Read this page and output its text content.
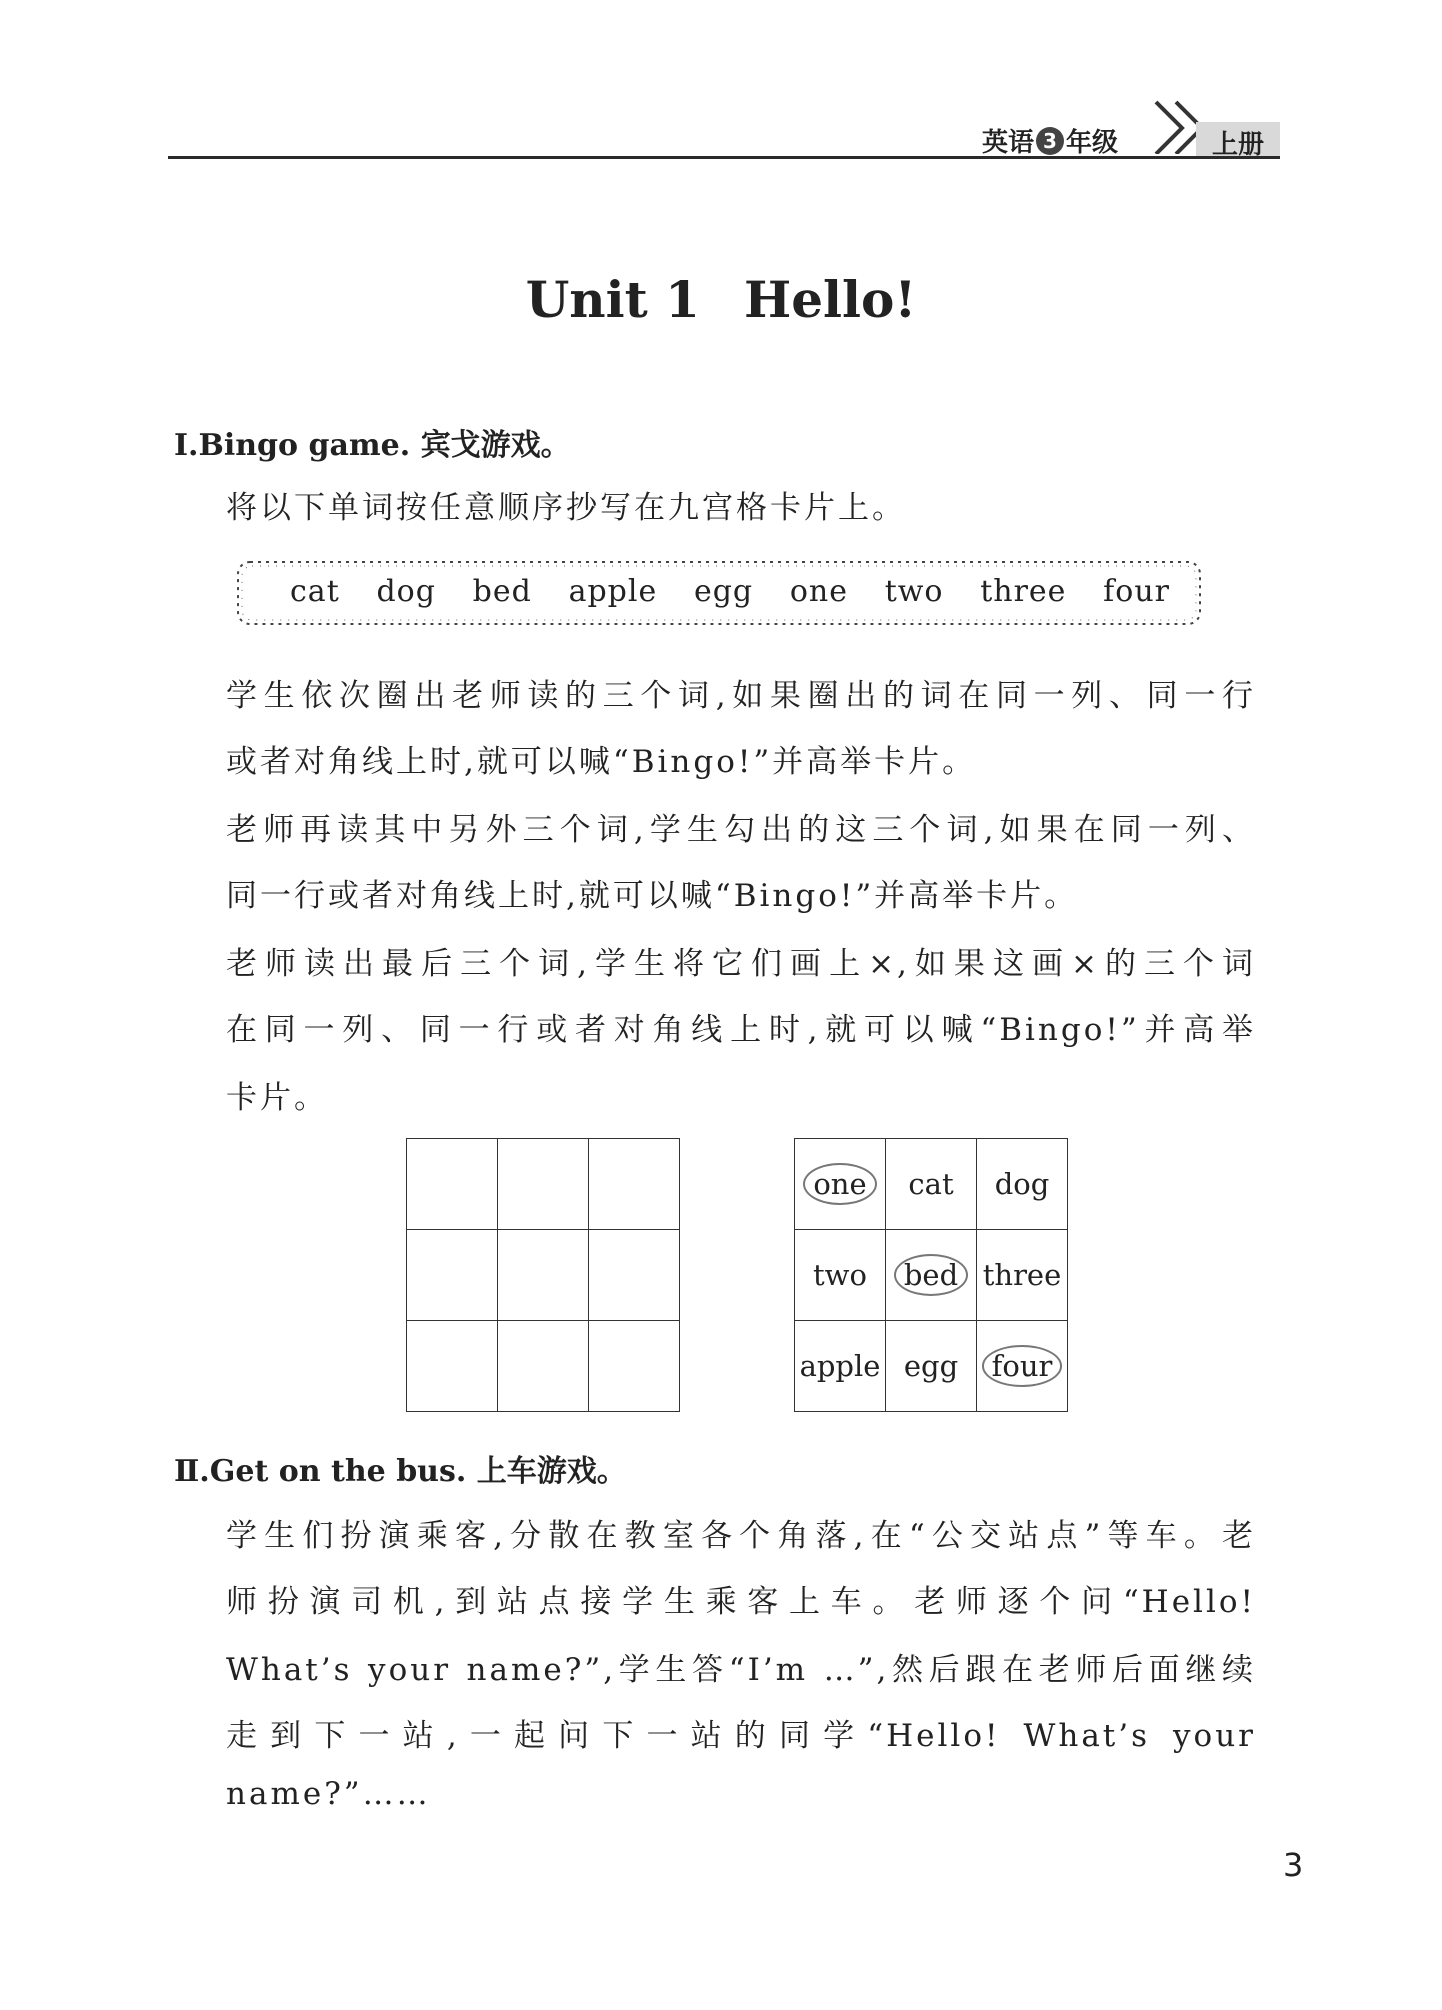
英语 3 年级	上册
Unit 1 Hello!
Ⅰ.Bingo game. 宾戈游戏。
将以下单词按任意顺序抄写在九宫格卡片上。
cat dog bed apple egg one two three four
学生依次圈出老师读的三个词,如果圈出的词在同一列、同一行
或者对角线上时,就可以喊“Bingo!”并高举卡片。
老师再读其中另外三个词,学生勾出的这三个词,如果在同一列、
同一行或者对角线上时,就可以喊“Bingo!”并高举卡片。
老师读出最后三个词,学生将它们画上×,如果这画×的三个词
在同一列、同一行或者对角线上时,就可以喊“Bingo!”并高举
卡片。

one	cat	dog
two	bed	three
apple	egg	four
Ⅱ.Get on the bus. 上车游戏。
学生们扮演乘客,分散在教室各个角落,在“公交站点”等车。老
师扮演司机,到站点接学生乘客上车。老师逐个问“Hello!
What’s your name?”,学生答“I’m …”,然后跟在老师后面继续
走到下一站,一起问下一站的同学“Hello! What’s your
name?”……
3
